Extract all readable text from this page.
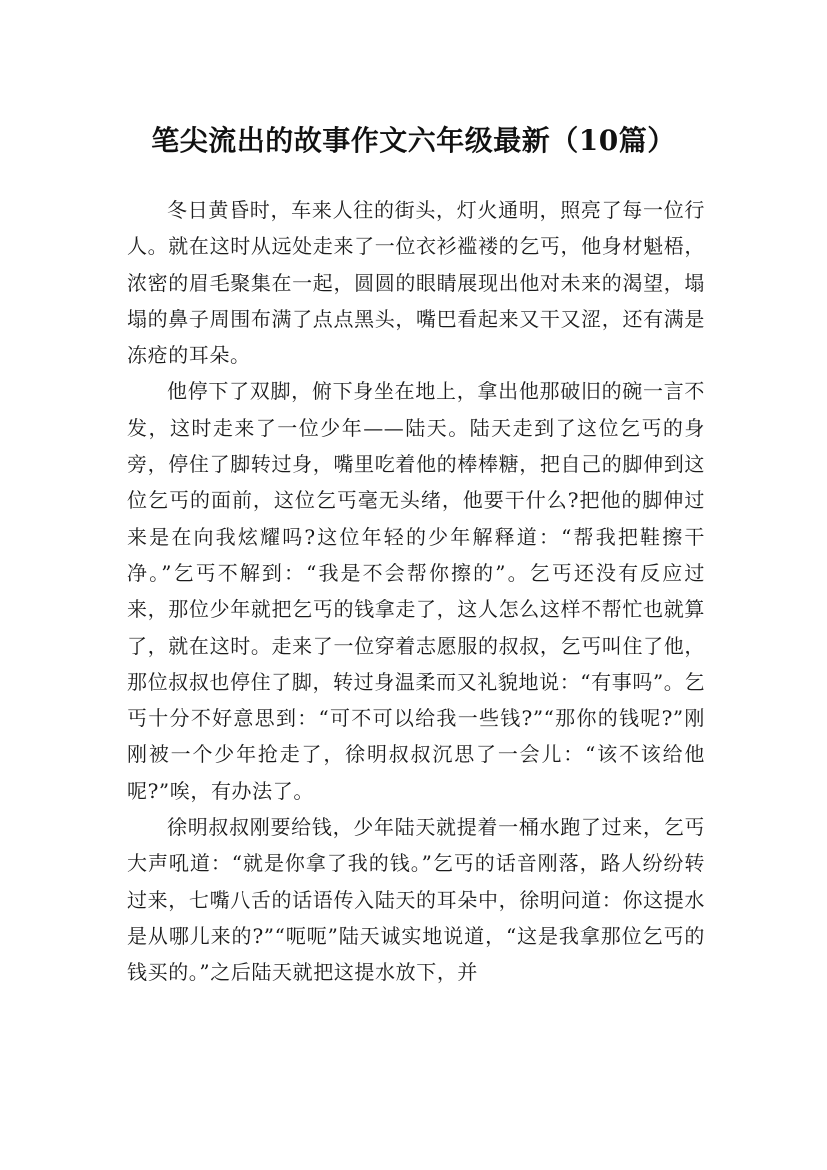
笔尖流出的故事作文六年级最新（10篇）

冬日黄昏时，车来人往的街头，灯火通明，照亮了每一位行人。就在这时从远处走来了一位衣衫褴褛的乞丐，他身材魁梧，浓密的眉毛聚集在一起，圆圆的眼睛展现出他对未来的渴望，塌塌的鼻子周围布满了点点黑头，嘴巴看起来又干又涩，还有满是冻疮的耳朵。

他停下了双脚，俯下身坐在地上，拿出他那破旧的碗一言不发，这时走来了一位少年——陆天。陆天走到了这位乞丐的身旁，停住了脚转过身，嘴里吃着他的棒棒糖，把自己的脚伸到这位乞丐的面前，这位乞丐毫无头绪，他要干什么?把他的脚伸过来是在向我炫耀吗?这位年轻的少年解释道：“帮我把鞋擦干净。”乞丐不解到：“我是不会帮你擦的”。乞丐还没有反应过来，那位少年就把乞丐的钱拿走了，这人怎么这样不帮忙也就算了，就在这时。走来了一位穿着志愿服的叔叔，乞丐叫住了他，那位叔叔也停住了脚，转过身温柔而又礼貌地说：“有事吗”。乞丐十分不好意思到：“可不可以给我一些钱?”“那你的钱呢?”刚刚被一个少年抢走了，徐明叔叔沉思了一会儿：“该不该给他呢?”唉，有办法了。

徐明叔叔刚要给钱，少年陆天就提着一桶水跑了过来，乞丐大声吼道：“就是你拿了我的钱。”乞丐的话音刚落，路人纷纷转过来，七嘴八舌的话语传入陆天的耳朵中，徐明问道：你这提水是从哪儿来的?”“呃呃”陆天诚实地说道，“这是我拿那位乞丐的钱买的。”之后陆天就把这提水放下，并
